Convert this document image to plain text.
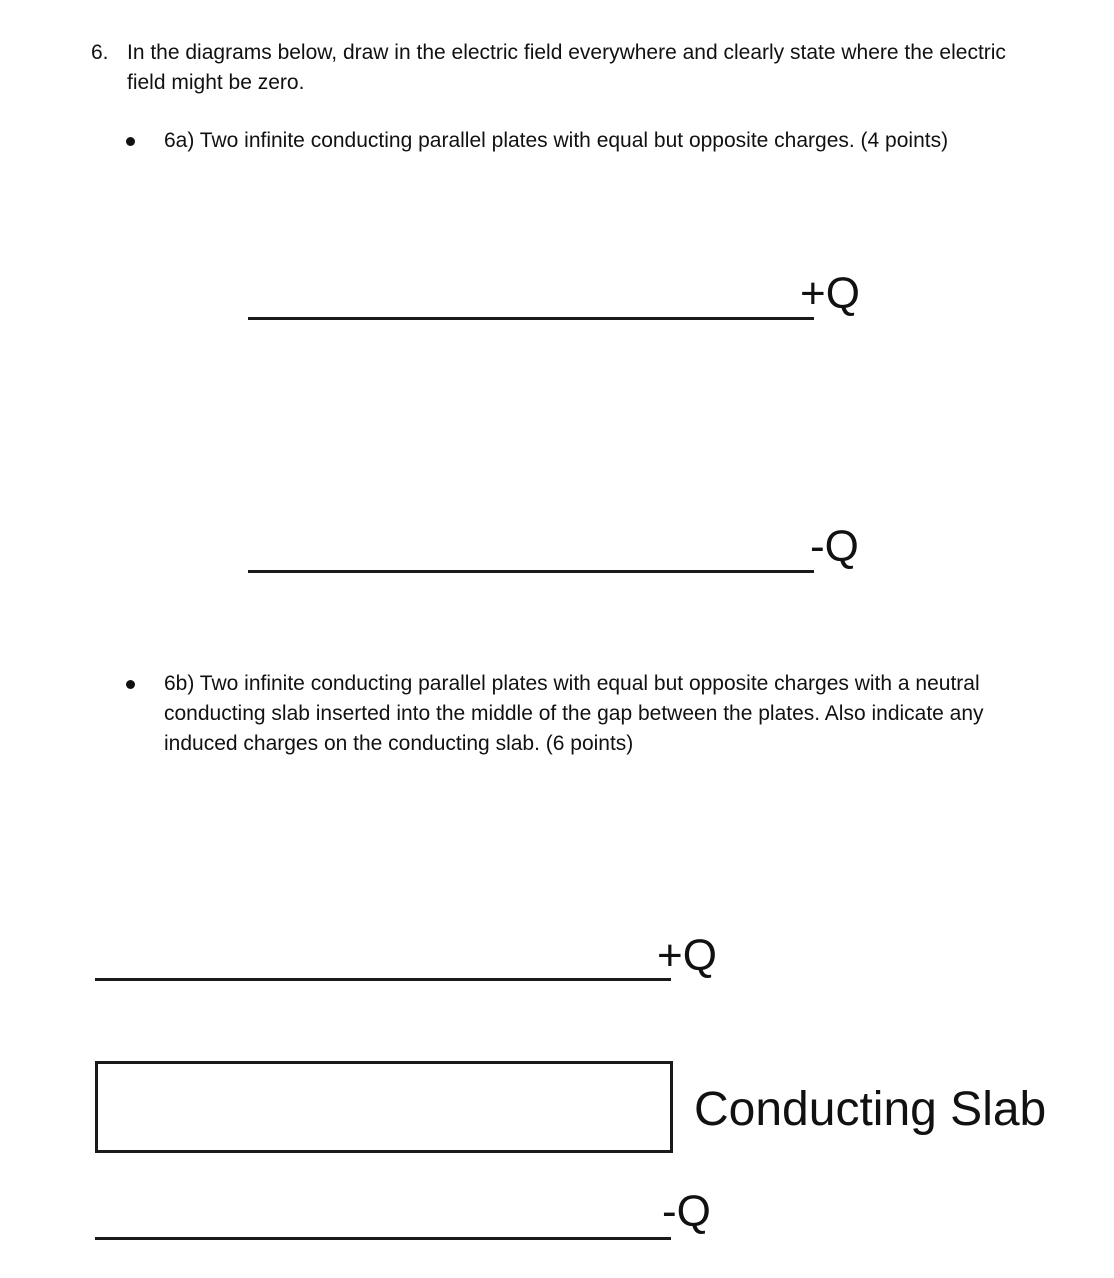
6. In the diagrams below, draw in the electric field everywhere and clearly state where the electric field might be zero.
6a) Two infinite conducting parallel plates with equal but opposite charges. (4 points)
+Q
-Q
6b) Two infinite conducting parallel plates with equal but opposite charges with a neutral conducting slab inserted into the middle of the gap between the plates. Also indicate any induced charges on the conducting slab. (6 points)
+Q
Conducting Slab
-Q
